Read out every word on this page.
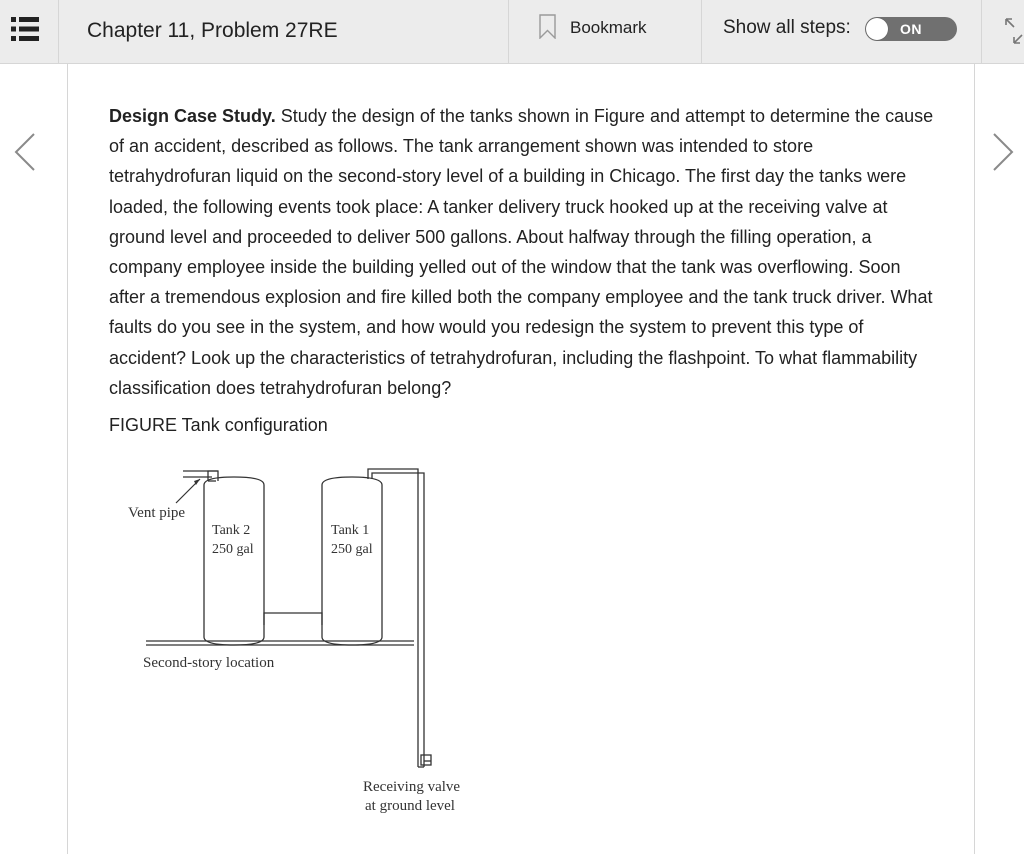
Chapter 11, Problem 27RE	Bookmark	Show all steps:	ON
Design Case Study. Study the design of the tanks shown in Figure and attempt to determine the cause of an accident, described as follows. The tank arrangement shown was intended to store tetrahydrofuran liquid on the second-story level of a building in Chicago. The first day the tanks were loaded, the following events took place: A tanker delivery truck hooked up at the receiving valve at ground level and proceeded to deliver 500 gallons. About halfway through the filling operation, a company employee inside the building yelled out of the window that the tank was overflowing. Soon after a tremendous explosion and fire killed both the company employee and the tank truck driver. What faults do you see in the system, and how would you redesign the system to prevent this type of accident? Look up the characteristics of tetrahydrofuran, including the flashpoint. To what flammability classification does tetrahydrofuran belong?
FIGURE Tank configuration
Vent pipe
Tank 2
250 gal
Tank 1
250 gal
Second-story location
Receiving valve
at ground level
